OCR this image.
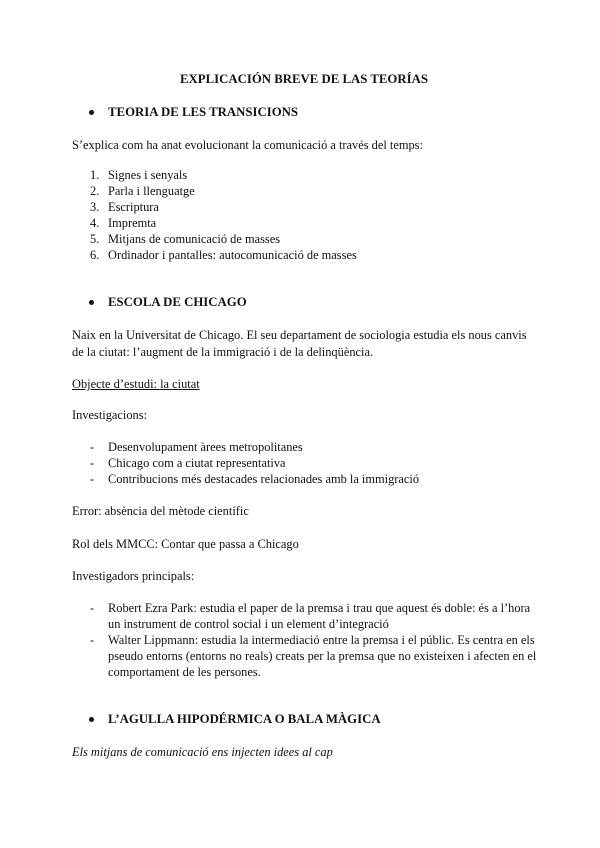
EXPLICACIÓN BREVE DE LAS TEORÍAS
TEORIA DE LES TRANSICIONS
S’explica com ha anat evolucionant la comunicació a través del temps:
1. Signes i senyals
2. Parla i llenguatge
3. Escriptura
4. Impremta
5. Mitjans de comunicació de masses
6. Ordinador i pantalles: autocomunicació de masses
ESCOLA DE CHICAGO
Naix en la Universitat de Chicago. El seu departament de sociologia estudia els nous canvis
de la ciutat: l’augment de la immigració i de la delinqüència.
Objecte d’estudi: la ciutat
Investigacions:
- Desenvolupament àrees metropolitanes
- Chicago com a ciutat representativa
- Contribucions més destacades relacionades amb la immigració
Error: absència del mètode científic
Rol dels MMCC: Contar que passa a Chicago
Investigadors principals:
- Robert Ezra Park: estudia el paper de la premsa i trau que aquest és doble: és a l’hora
un instrument de control social i un element d’integració
- Walter Lippmann: estudia la intermediació entre la premsa i el públic. Es centra en els
pseudo entorns (entorns no reals) creats per la premsa que no existeixen i afecten en el
comportament de les persones.
L’AGULLA HIPODÉRMICA O BALA MÀGICA
Els mitjans de comunicació ens injecten idees al cap
